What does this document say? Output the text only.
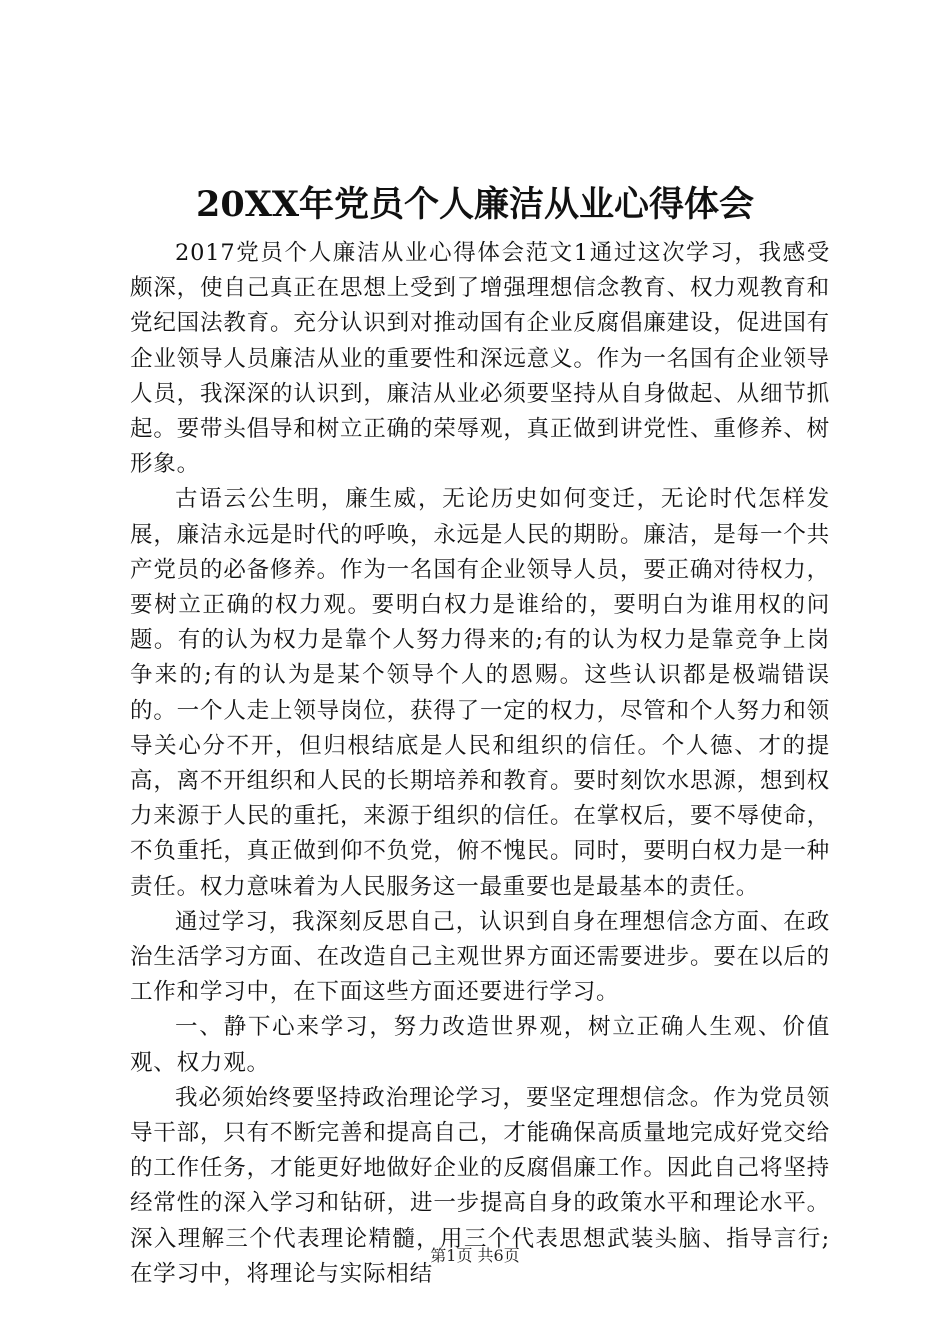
20XX年党员个人廉洁从业心得体会

2017党员个人廉洁从业心得体会范文1通过这次学习，我感受颇深，使自己真正在思想上受到了增强理想信念教育、权力观教育和党纪国法教育。充分认识到对推动国有企业反腐倡廉建设，促进国有企业领导人员廉洁从业的重要性和深远意义。作为一名国有企业领导人员，我深深的认识到，廉洁从业必须要坚持从自身做起、从细节抓起。要带头倡导和树立正确的荣辱观，真正做到讲党性、重修养、树形象。

古语云公生明，廉生威，无论历史如何变迁，无论时代怎样发展，廉洁永远是时代的呼唤，永远是人民的期盼。廉洁，是每一个共产党员的必备修养。作为一名国有企业领导人员，要正确对待权力，要树立正确的权力观。要明白权力是谁给的，要明白为谁用权的问题。有的认为权力是靠个人努力得来的;有的认为权力是靠竞争上岗争来的;有的认为是某个领导个人的恩赐。这些认识都是极端错误的。一个人走上领导岗位，获得了一定的权力，尽管和个人努力和领导关心分不开，但归根结底是人民和组织的信任。个人德、才的提高，离不开组织和人民的长期培养和教育。要时刻饮水思源，想到权力来源于人民的重托，来源于组织的信任。在掌权后，要不辱使命，不负重托，真正做到仰不负党，俯不愧民。同时，要明白权力是一种责任。权力意味着为人民服务这一最重要也是最基本的责任。

通过学习，我深刻反思自己，认识到自身在理想信念方面、在政治生活学习方面、在改造自己主观世界方面还需要进步。要在以后的工作和学习中，在下面这些方面还要进行学习。

一、静下心来学习，努力改造世界观，树立正确人生观、价值观、权力观。

我必须始终要坚持政治理论学习，要坚定理想信念。作为党员领导干部，只有不断完善和提高自己，才能确保高质量地完成好党交给的工作任务，才能更好地做好企业的反腐倡廉工作。因此自己将坚持经常性的深入学习和钻研，进一步提高自身的政策水平和理论水平。深入理解三个代表理论精髓，用三个代表思想武装头脑、指导言行;在学习中，将理论与实际相结

第1页 共6页
